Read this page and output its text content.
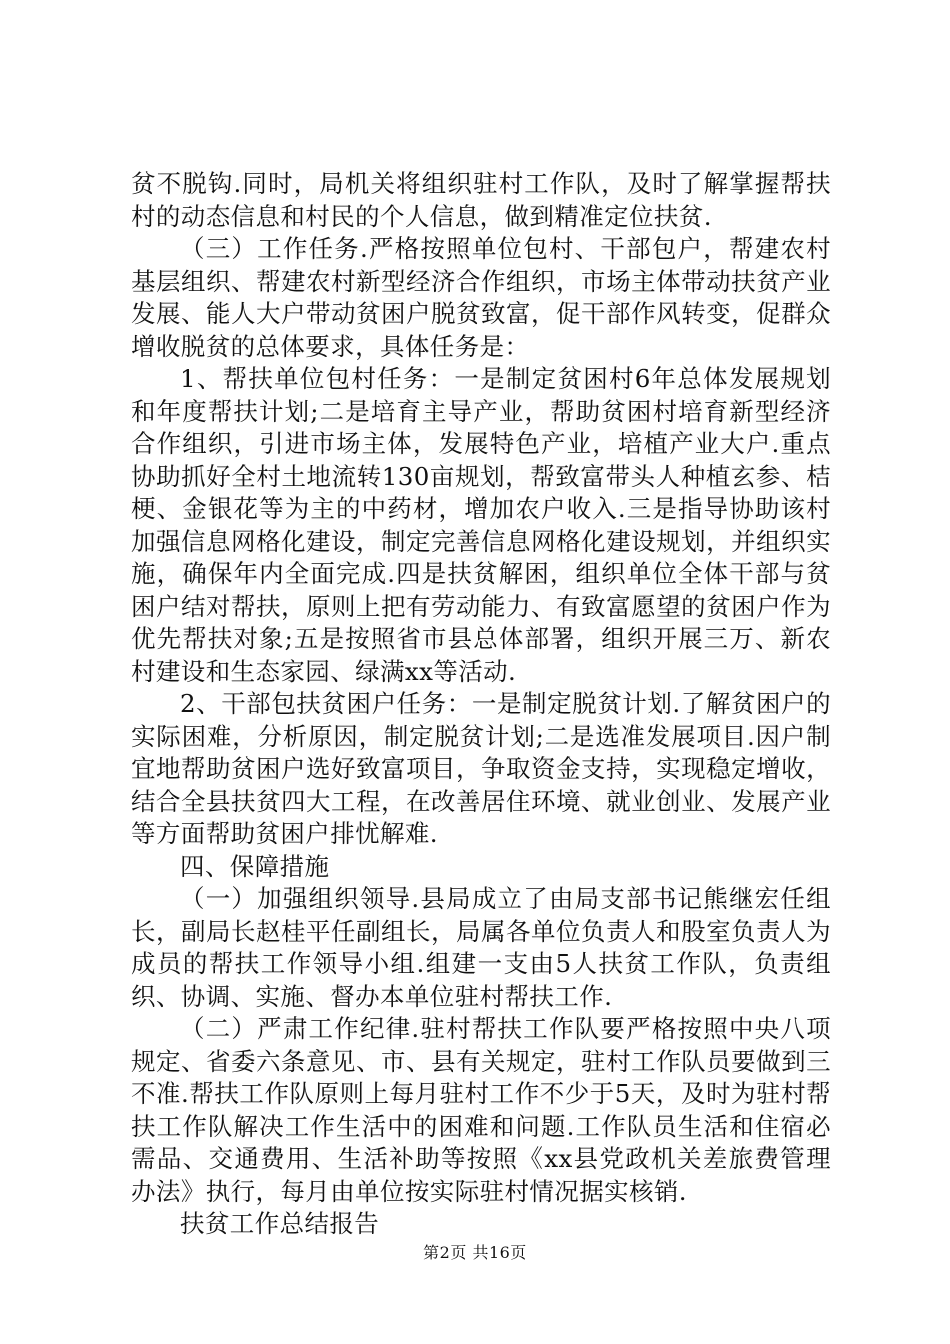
贫不脱钩.同时，局机关将组织驻村工作队，及时了解掌握帮扶村的动态信息和村民的个人信息，做到精准定位扶贫.

（三）工作任务.严格按照单位包村、干部包户，帮建农村基层组织、帮建农村新型经济合作组织，市场主体带动扶贫产业发展、能人大户带动贫困户脱贫致富，促干部作风转变，促群众增收脱贫的总体要求，具体任务是：

1、帮扶单位包村任务：一是制定贫困村6年总体发展规划和年度帮扶计划;二是培育主导产业，帮助贫困村培育新型经济合作组织，引进市场主体，发展特色产业，培植产业大户.重点协助抓好全村土地流转130亩规划，帮致富带头人种植玄参、桔梗、金银花等为主的中药材，增加农户收入.三是指导协助该村加强信息网格化建设，制定完善信息网格化建设规划，并组织实施，确保年内全面完成.四是扶贫解困，组织单位全体干部与贫困户结对帮扶，原则上把有劳动能力、有致富愿望的贫困户作为优先帮扶对象;五是按照省市县总体部署，组织开展三万、新农村建设和生态家园、绿满xx等活动.

2、干部包扶贫困户任务：一是制定脱贫计划.了解贫困户的实际困难，分析原因，制定脱贫计划;二是选准发展项目.因户制宜地帮助贫困户选好致富项目，争取资金支持，实现稳定增收，结合全县扶贫四大工程，在改善居住环境、就业创业、发展产业等方面帮助贫困户排忧解难.

四、保障措施

（一）加强组织领导.县局成立了由局支部书记熊继宏任组长，副局长赵桂平任副组长，局属各单位负责人和股室负责人为成员的帮扶工作领导小组.组建一支由5人扶贫工作队，负责组织、协调、实施、督办本单位驻村帮扶工作.

（二）严肃工作纪律.驻村帮扶工作队要严格按照中央八项规定、省委六条意见、市、县有关规定，驻村工作队员要做到三不准.帮扶工作队原则上每月驻村工作不少于5天，及时为驻村帮扶工作队解决工作生活中的困难和问题.工作队员生活和住宿必需品、交通费用、生活补助等按照《xx县党政机关差旅费管理办法》执行，每月由单位按实际驻村情况据实核销.

扶贫工作总结报告

第2页 共16页
